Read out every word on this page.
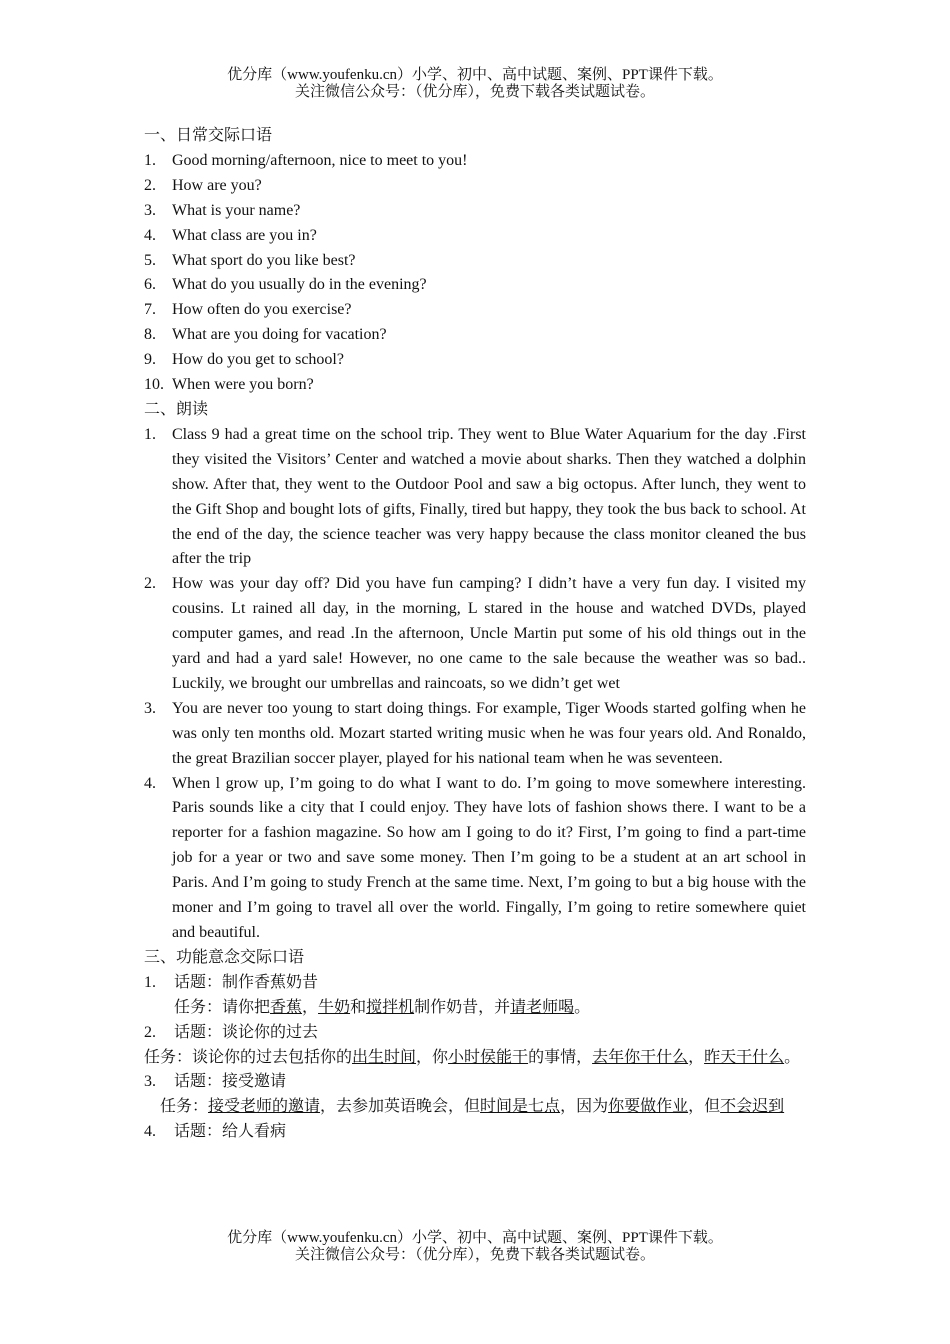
优分库（www.youfenku.cn）小学、初中、高中试题、案例、PPT课件下载。
关注微信公众号：（优分库），免费下载各类试题试卷。
一、日常交际口语
1. Good morning/afternoon, nice to meet to you!
2. How are you?
3. What is your name?
4. What class are you in?
5. What sport do you like best?
6. What do you usually do in the evening?
7. How often do you exercise?
8. What are you doing for vacation?
9. How do you get to school?
10. When were you born?
二、朗读
1. Class 9 had a great time on the school trip. They went to Blue Water Aquarium for the day .First they visited the Visitors’ Center and watched a movie about sharks. Then they watched a dolphin show. After that, they went to the Outdoor Pool and saw a big octopus. After lunch, they went to the Gift Shop and bought lots of gifts, Finally, tired but happy, they took the bus back to school. At the end of the day, the science teacher was very happy because the class monitor cleaned the bus after the trip
2. How was your day off? Did you have fun camping? I didn’t have a very fun day. I visited my cousins. Lt rained all day, in the morning, L stared in the house and watched DVDs, played computer games, and read .In the afternoon, Uncle Martin put some of his old things out in the yard and had a yard sale! However, no one came to the sale because the weather was so bad.. Luckily, we brought our umbrellas and raincoats, so we didn’t get wet
3. You are never too young to start doing things. For example, Tiger Woods started golfing when he was only ten months old. Mozart started writing music when he was four years old. And Ronaldo, the great Brazilian soccer player, played for his national team when he was seventeen.
4. When l grow up, I’m going to do what I want to do. I’m going to move somewhere interesting. Paris sounds like a city that I could enjoy. They have lots of fashion shows there. I want to be a reporter for a fashion magazine. So how am I going to do it? First, I’m going to find a part-time job for a year or two and save some money. Then I’m going to be a student at an art school in Paris. And I’m going to study French at the same time. Next, I’m going to but a big house with the moner and I’m going to travel all over the world. Fingally, I’m going to retire somewhere quiet and beautiful.
三、功能意念交际口语
1. 话题：制作香蕉奶昔
任务：请你把香蕉，牛奶和搅拌机制作奶昔，并请老师喝。
2. 话题：谈论你的过去
任务：谈论你的过去包括你的出生时间，你小时侯能干的事情，去年你干什么，昨天干什么。
3. 话题：接受邀请
任务：接受老师的邀请，去参加英语晚会，但时间是七点，因为你要做作业，但不会迟到
4. 话题：给人看病
优分库（www.youfenku.cn）小学、初中、高中试题、案例、PPT课件下载。
关注微信公众号：（优分库），免费下载各类试题试卷。
